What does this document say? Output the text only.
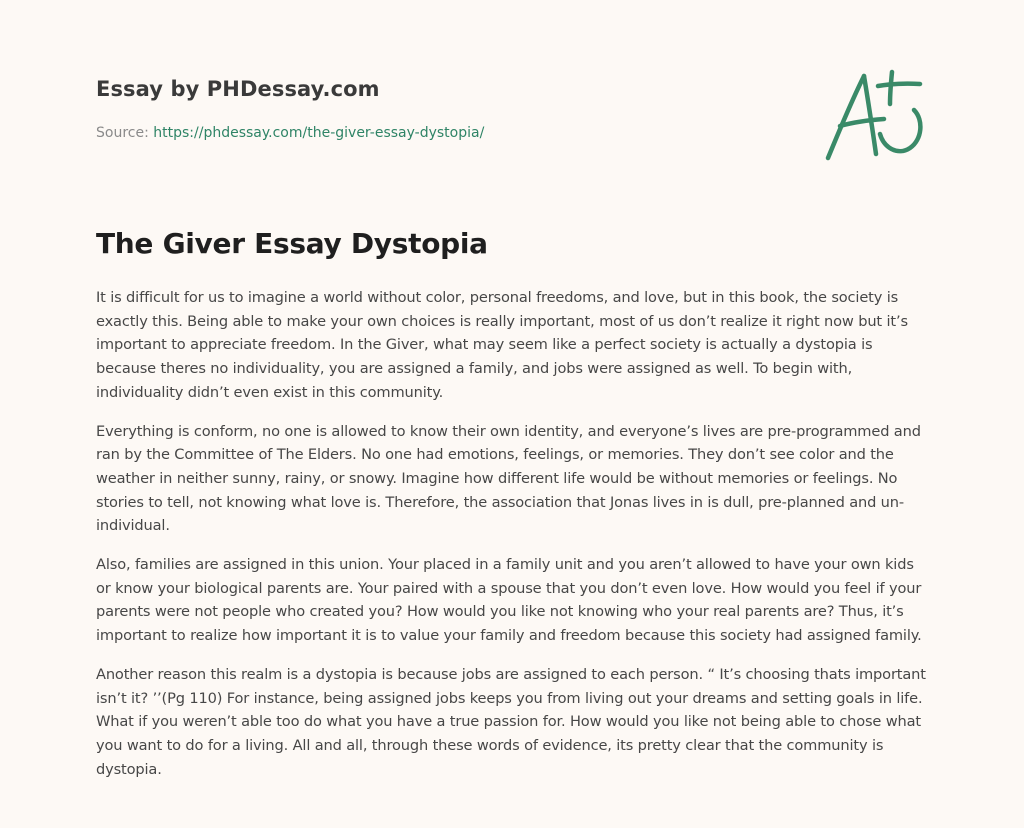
Essay by PHDessay.com
Source: https://phdessay.com/the-giver-essay-dystopia/
The Giver Essay Dystopia

It is difficult for us to imagine a world without color, personal freedoms, and love, but in this book, the society is exactly this. Being able to make your own choices is really important, most of us don’t realize it right now but it’s important to appreciate freedom. In the Giver, what may seem like a perfect society is actually a dystopia is because theres no individuality, you are assigned a family, and jobs were assigned as well. To begin with, individuality didn’t even exist in this community.

Everything is conform, no one is allowed to know their own identity, and everyone’s lives are pre-programmed and ran by the Committee of The Elders. No one had emotions, feelings, or memories. They don’t see color and the weather in neither sunny, rainy, or snowy. Imagine how different life would be without memories or feelings. No stories to tell, not knowing what love is. Therefore, the association that Jonas lives in is dull, pre-planned and un-individual.

Also, families are assigned in this union. Your placed in a family unit and you aren’t allowed to have your own kids or know your biological parents are. Your paired with a spouse that you don’t even love. How would you feel if your parents were not people who created you? How would you like not knowing who your real parents are? Thus, it’s important to realize how important it is to value your family and freedom because this society had assigned family.

Another reason this realm is a dystopia is because jobs are assigned to each person. “ It’s choosing thats important isn’t it? ’’(Pg 110) For instance, being assigned jobs keeps you from living out your dreams and setting goals in life. What if you weren’t able too do what you have a true passion for. How would you like not being able to chose what you want to do for a living. All and all, through these words of evidence, its pretty clear that the community is dystopia.
